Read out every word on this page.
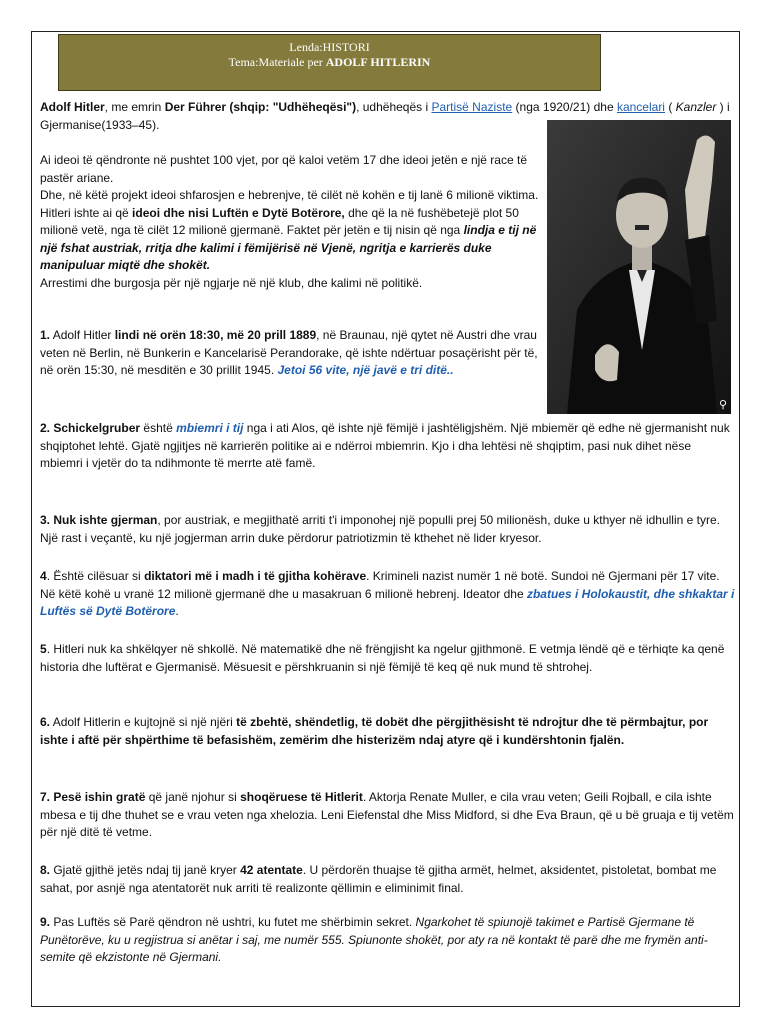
Lenda:HISTORI
Tema:Materiale per ADOLF HITLERIN

Adolf Hitler, me emrin Der Führer (shqip: "Udhëheqësi"), udhëheqës i Partisë Naziste (nga 1920/21) dhe kancelari ( Kanzler ) i Gjermanise(1933–45).

⚲

Ai ideoi të qëndronte në pushtet 100 vjet, por që kaloi vetëm 17 dhe ideoi jetën e një race të pastër ariane.
Dhe, në këtë projekt ideoi shfarosjen e hebrenjve, të cilët në kohën e tij lanë 6 milionë viktima. Hitleri ishte ai që ideoi dhe nisi Luftën e Dytë Botërore, dhe që la në fushëbetejë plot 50 milionë vetë, nga të cilët 12 milionë gjermanë. Faktet për jetën e tij nisin që nga lindja e tij në një fshat austriak, rritja dhe kalimi i fëmijërisë në Vjenë, ngritja e karrierës duke manipuluar miqtë dhe shokët.
Arrestimi dhe burgosja për një ngjarje në një klub, dhe kalimi në politikë.

1. Adolf Hitler lindi në orën 18:30, më 20 prill 1889, në Braunau, një qytet në Austri dhe vrau veten në Berlin, në Bunkerin e Kancelarisë Perandorake, që ishte ndërtuar posaçërisht për të, në orën 15:30, në mesditën e 30 prillit 1945. Jetoi 56 vite, një javë e tri ditë..

2. Schickelgruber është mbiemri i tij nga i ati Alos, që ishte një fëmijë i jashtëligjshëm. Një mbiemër që edhe në gjermanisht nuk shqiptohet lehtë. Gjatë ngjitjes në karrierën politike ai e ndërroi mbiemrin. Kjo i dha lehtësi në shqiptim, pasi nuk dihet nëse mbiemri i vjetër do ta ndihmonte të merrte atë famë.

3. Nuk ishte gjerman, por austriak, e megjithatë arriti t'i imponohej një populli prej 50 milionësh, duke u kthyer në idhullin e tyre. Një rast i veçantë, ku një jogjerman arrin duke përdorur patriotizmin të kthehet në lider kryesor.

4. Është cilësuar si diktatori më i madh i të gjitha kohërave. Krimineli nazist numër 1 në botë. Sundoi në Gjermani për 17 vite. Në këtë kohë u vranë 12 milionë gjermanë dhe u masakruan 6 milionë hebrenj. Ideator dhe zbatues i Holokaustit, dhe shkaktar i Luftës së Dytë Botërore.

5. Hitleri nuk ka shkëlqyer në shkollë. Në matematikë dhe në frëngjisht ka ngelur gjithmonë. E vetmja lëndë që e tërhiqte ka qenë historia dhe luftërat e Gjermanisë. Mësuesit e përshkruanin si një fëmijë të keq që nuk mund të shtrohej.

6. Adolf Hitlerin e kujtojnë si një njëri të zbehtë, shëndetlig, të dobët dhe përgjithësisht të ndrojtur dhe të përmbajtur, por ishte i aftë për shpërthime të befasishëm, zemërim dhe histerizëm ndaj atyre që i kundërshtonin fjalën.

7. Pesë ishin gratë që janë njohur si shoqëruese të Hitlerit. Aktorja Renate Muller, e cila vrau veten; Geili Rojball, e cila ishte mbesa e tij dhe thuhet se e vrau veten nga xhelozia. Leni Eiefenstal dhe Miss Midford, si dhe Eva Braun, që u bë gruaja e tij vetëm për një ditë të vetme.

8. Gjatë gjithë jetës ndaj tij janë kryer 42 atentate. U përdorën thuajse të gjitha armët, helmet, aksidentet, pistoletat, bombat me sahat, por asnjë nga atentatorët nuk arriti të realizonte qëllimin e eliminimit final.

9. Pas Luftës së Parë qëndron në ushtri, ku futet me shërbimin sekret. Ngarkohet të spiunojë takimet e Partisë Gjermane të Punëtorëve, ku u regjistrua si anëtar i saj, me numër 555. Spiunonte shokët, por aty ra në kontakt të parë dhe me frymën anti-semite që ekzistonte në Gjermani.
